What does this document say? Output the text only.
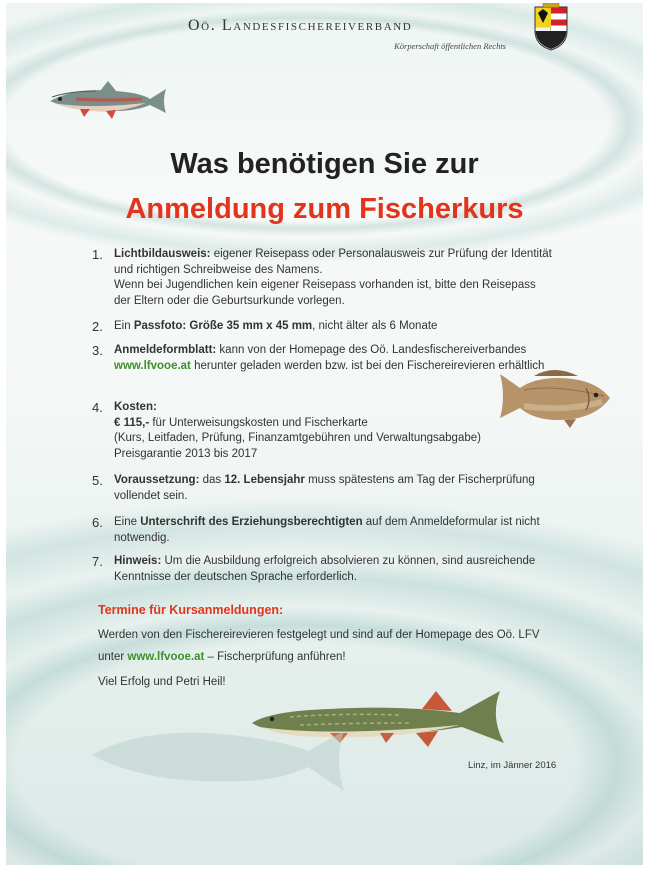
Oö. Landesfischereiverband
Körperschaft öffentlichen Rechts
Was benötigen Sie zur
Anmeldung zum Fischerkurs
1. Lichtbildausweis: eigener Reisepass oder Personalausweis zur Prüfung der Identität und richtigen Schreibweise des Namens.
Wenn bei Jugendlichen kein eigener Reisepass vorhanden ist, bitte den Reisepass der Eltern oder die Geburtsurkunde vorlegen.
2. Ein Passfoto: Größe 35 mm x 45 mm, nicht älter als 6 Monate
3. Anmeldeformblatt: kann von der Homepage des Oö. Landesfischereiverbandes
www.lfvooe.at herunter geladen werden bzw. ist bei den Fischereirevieren erhältlich
4. Kosten:
€ 115,- für Unterweisungskosten und Fischerkarte
(Kurs, Leitfaden, Prüfung, Finanzamtgebühren und Verwaltungsabgabe)
Preisgarantie 2013 bis 2017
5. Voraussetzung: das 12. Lebensjahr muss spätestens am Tag der Fischerprüfung vollendet sein.
6. Eine Unterschrift des Erziehungsberechtigten auf dem Anmeldeformular ist nicht notwendig.
7. Hinweis: Um die Ausbildung erfolgreich absolvieren zu können, sind ausreichende Kenntnisse der deutschen Sprache erforderlich.
Termine für Kursanmeldungen:
Werden von den Fischereirevieren festgelegt und sind auf der Homepage des Oö. LFV
unter www.lfvooe.at – Fischerprüfung anführen!
Viel Erfolg und Petri Heil!
Linz, im Jänner 2016
